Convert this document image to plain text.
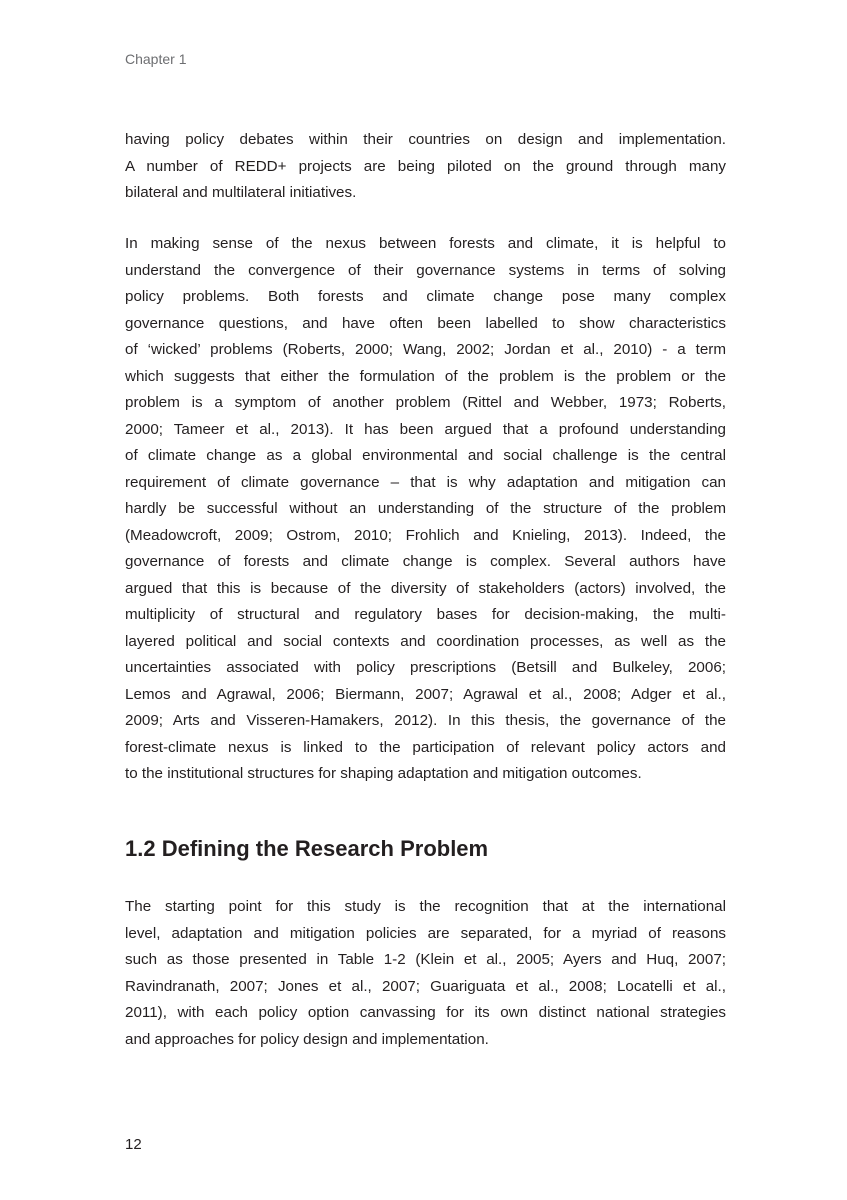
Chapter 1
having policy debates within their countries on design and implementation.
A number of REDD+ projects are being piloted on the ground through many
bilateral and multilateral initiatives.
In making sense of the nexus between forests and climate, it is helpful to
understand the convergence of their governance systems in terms of solving
policy problems. Both forests and climate change pose many complex
governance questions, and have often been labelled to show characteristics
of ‘wicked’ problems (Roberts, 2000; Wang, 2002; Jordan et al., 2010) - a term
which suggests that either the formulation of the problem is the problem or the
problem is a symptom of another problem (Rittel and Webber, 1973; Roberts,
2000; Tameer et al., 2013). It has been argued that a profound understanding
of climate change as a global environmental and social challenge is the central
requirement of climate governance – that is why adaptation and mitigation can
hardly be successful without an understanding of the structure of the problem
(Meadowcroft, 2009; Ostrom, 2010; Frohlich and Knieling, 2013). Indeed, the
governance of forests and climate change is complex. Several authors have
argued that this is because of the diversity of stakeholders (actors) involved, the
multiplicity of structural and regulatory bases for decision-making, the multi-
layered political and social contexts and coordination processes, as well as the
uncertainties associated with policy prescriptions (Betsill and Bulkeley, 2006;
Lemos and Agrawal, 2006; Biermann, 2007; Agrawal et al., 2008; Adger et al.,
2009; Arts and Visseren-Hamakers, 2012). In this thesis, the governance of the
forest-climate nexus is linked to the participation of relevant policy actors and
to the institutional structures for shaping adaptation and mitigation outcomes.
1.2 Defining the Research Problem
The starting point for this study is the recognition that at the international
level, adaptation and mitigation policies are separated, for a myriad of reasons
such as those presented in Table 1-2 (Klein et al., 2005; Ayers and Huq, 2007;
Ravindranath, 2007; Jones et al., 2007; Guariguata et al., 2008; Locatelli et al.,
2011), with each policy option canvassing for its own distinct national strategies
and approaches for policy design and implementation.
12
